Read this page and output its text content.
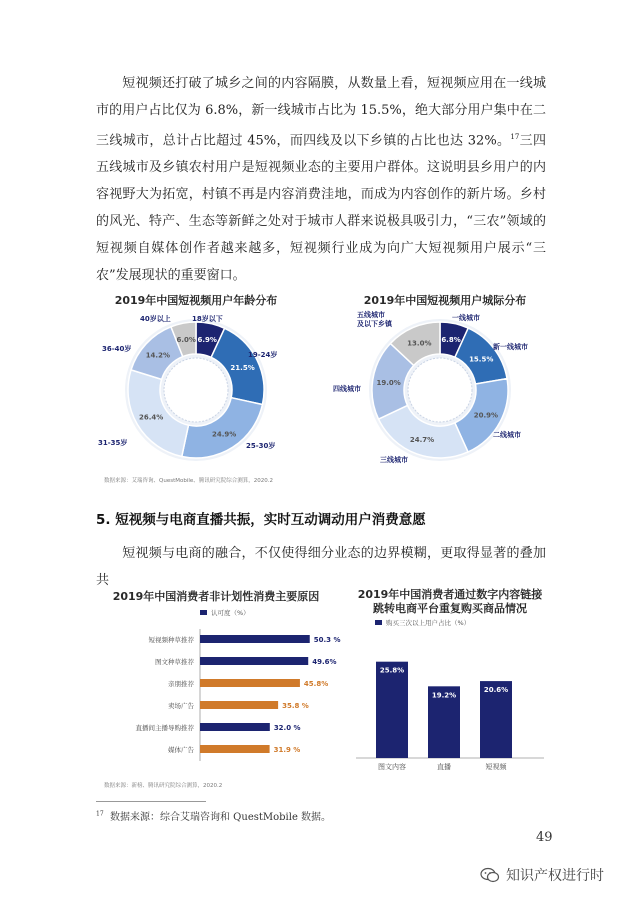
短视频还打破了城乡之间的内容隔膜，从数量上看，短视频应用在一线城市的用户占比仅为 6.8%，新一线城市占比为 15.5%，绝大部分用户集中在二三线城市，总计占比超过 45%，而四线及以下乡镇的占比也达 32%。$^{17}$三四五线城市及乡镇农村用户是短视频业态的主要用户群体。这说明县乡用户的内容视野大为拓宽，村镇不再是内容消费洼地，而成为内容创作的新片场。乡村的风光、特产、生态等新鲜之处对于城市人群来说极具吸引力，“三农”领域的短视频自媒体创作者越来越多，短视频行业成为向广大短视频用户展示“三农”发展现状的重要窗口。
2019年中国短视频用户年龄分布
6.9%
21.5%
24.9%
26.4%
14.2%
6.0%
18岁以下
19-24岁
25-30岁
31-35岁
36-40岁
40岁以上
数据来源：艾瑞咨询、QuestMobile、腾讯研究院综合测算，2020.2
2019年中国短视频用户城际分布
6.8%
15.5%
20.9%
24.7%
19.0%
13.0%
一线城市
新一线城市
二线城市
三线城市
四线城市
五线城市
及以下乡镇
5. 短视频与电商直播共振，实时互动调动用户消费意愿
短视频与电商的融合，不仅使得细分业态的边界模糊，更取得显著的叠加共
2019年中国消费者非计划性消费主要原因
认可度（%）
短视频种草推荐	50.3 %
图文种草推荐	49.6%
亲朋推荐	45.8%
卖场广告	35.8 %
直播间主播导购推荐	32.0 %
媒体广告	31.9 %
数据来源：新榜、腾讯研究院综合测算，2020.2
2019年中国消费者通过数字内容链接
跳转电商平台重复购买商品情况
购买三次以上用户占比（%）
25.8%
图文内容
19.2%
直播
20.6%
短视频
$^{17}$ 数据来源：综合艾瑞咨询和 QuestMobile 数据。
49
知识产权进行时
